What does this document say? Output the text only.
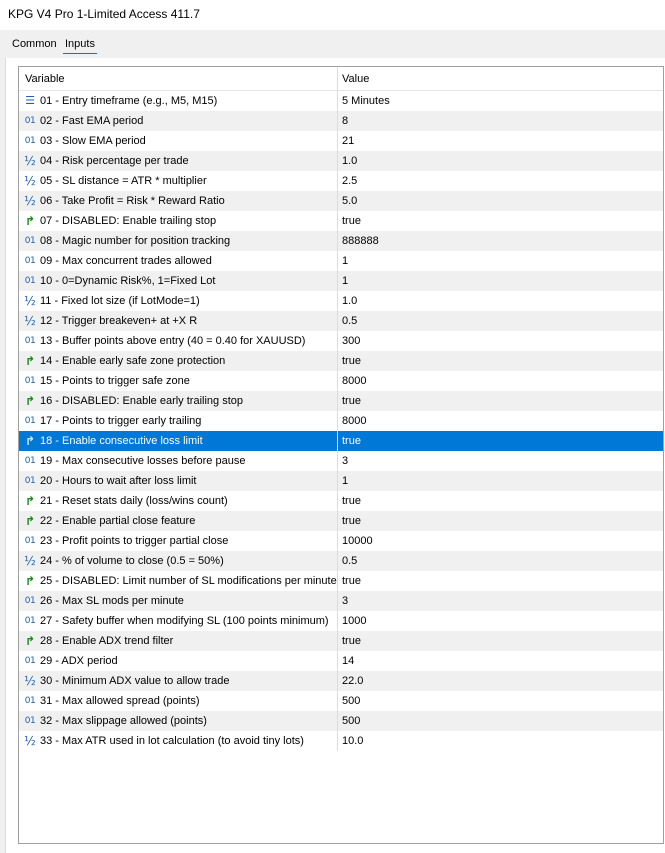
KPG V4 Pro 1-Limited Access 411.7
Common Inputs
Variable	Value
☰ 01 - Entry timeframe (e.g., M5, M15)	5 Minutes
01 02 - Fast EMA period	8
01 03 - Slow EMA period	21
½ 04 - Risk percentage per trade	1.0
½ 05 - SL distance = ATR * multiplier	2.5
½ 06 - Take Profit = Risk * Reward Ratio	5.0
↱ 07 - DISABLED: Enable trailing stop	true
01 08 - Magic number for position tracking	888888
01 09 - Max concurrent trades allowed	1
01 10 - 0=Dynamic Risk%, 1=Fixed Lot	1
½ 11 - Fixed lot size (if LotMode=1)	1.0
½ 12 - Trigger breakeven+ at +X R	0.5
01 13 - Buffer points above entry (40 = 0.40 for XAUUSD)	300
↱ 14 - Enable early safe zone protection	true
01 15 - Points to trigger safe zone	8000
↱ 16 - DISABLED: Enable early trailing stop	true
01 17 - Points to trigger early trailing	8000
↱ 18 - Enable consecutive loss limit	true
01 19 - Max consecutive losses before pause	3
01 20 - Hours to wait after loss limit	1
↱ 21 - Reset stats daily (loss/wins count)	true
↱ 22 - Enable partial close feature	true
01 23 - Profit points to trigger partial close	10000
½ 24 - % of volume to close (0.5 = 50%)	0.5
↱ 25 - DISABLED: Limit number of SL modifications per minute true
01 26 - Max SL mods per minute	3
01 27 - Safety buffer when modifying SL (100 points minimum) 1000
↱ 28 - Enable ADX trend filter	true
01 29 - ADX period	14
½ 30 - Minimum ADX value to allow trade	22.0
01 31 - Max allowed spread (points)	500
01 32 - Max slippage allowed (points)	500
½ 33 - Max ATR used in lot calculation (to avoid tiny lots)	10.0
